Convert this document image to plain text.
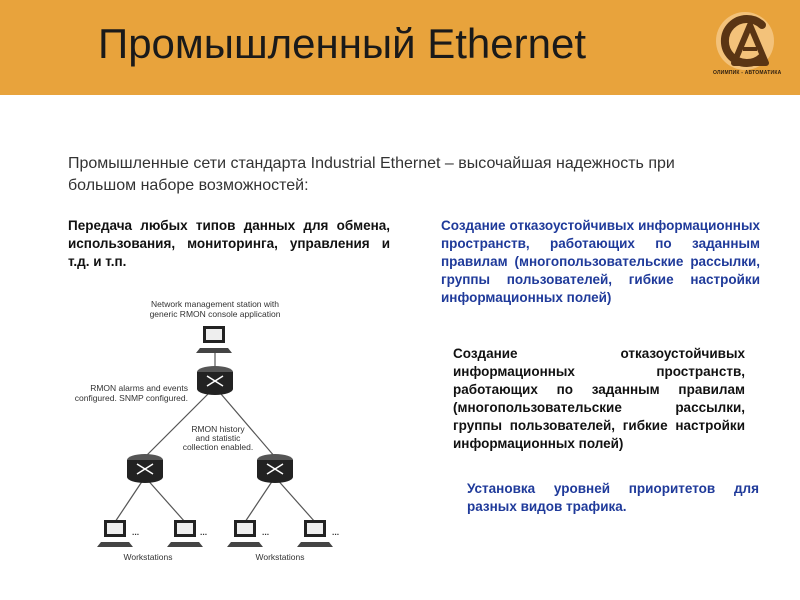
Промышленный Ethernet
ОЛИМПИК - АВТОМАТИКА
Промышленные сети стандарта Industrial Ethernet – высочайшая надежность при большом наборе возможностей:
Передача любых типов данных для обмена, использования, мониторинга, управления и т.д. и т.п.
Создание отказоустойчивых информационных пространств, работающих по заданным правилам (многопользовательские рассылки, группы пользователей, гибкие настройки информационных полей)
Создание отказоустойчивых информационных пространств, работающих по заданным правилам (многопользовательские рассылки, группы пользователей, гибкие настройки информационных полей)
Установка уровней приоритетов для разных видов трафика.
Network management station with
generic RMON console application
RMON alarms and events
configured. SNMP configured.
RMON history
and statistic
collection enabled.
...	...	...	...
Workstations	Workstations
